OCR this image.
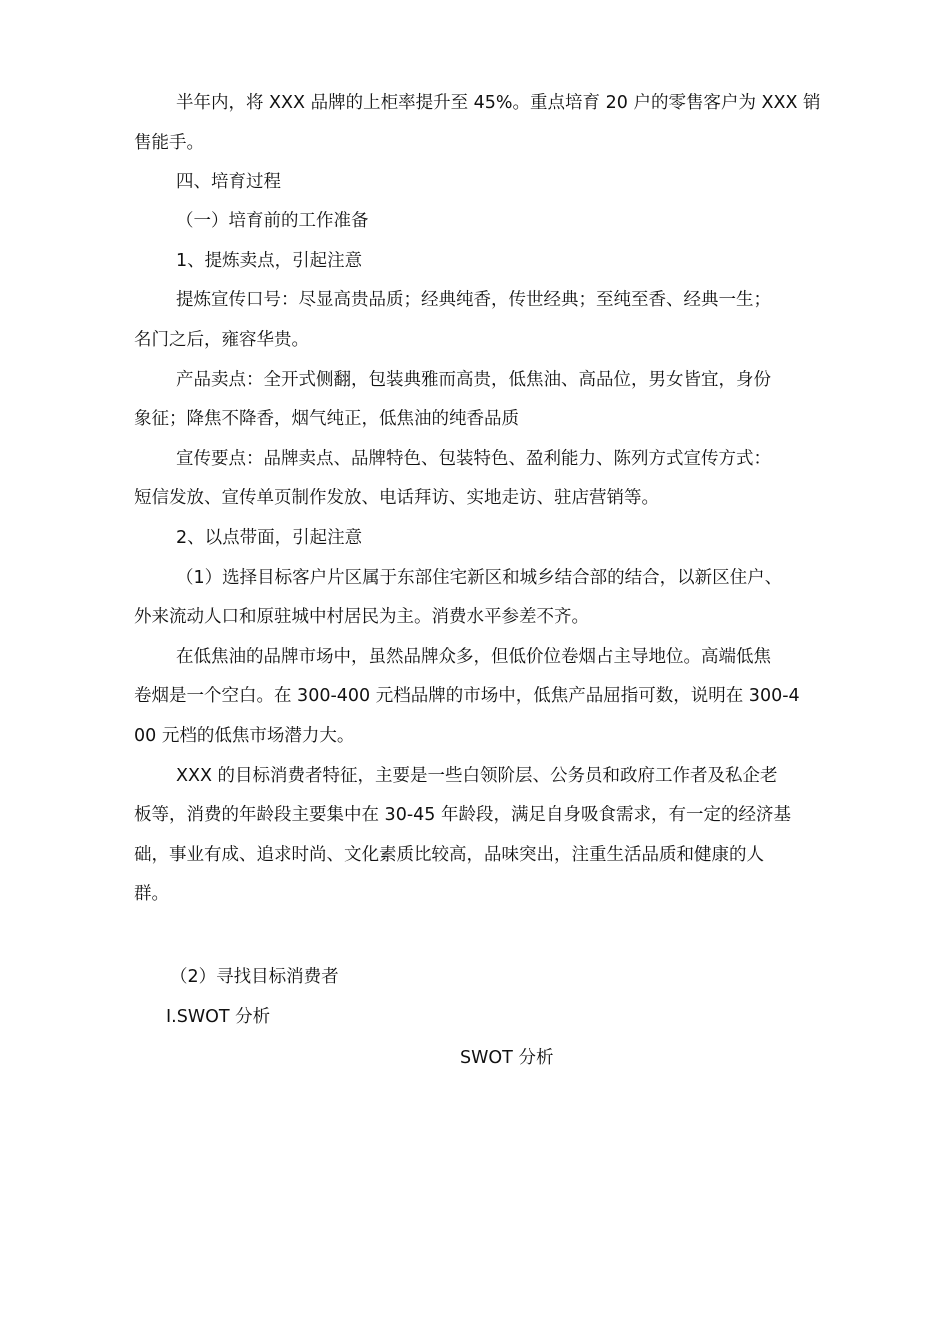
半年内，将 XXX 品牌的上柜率提升至 45%。重点培育 20 户的零售客户为 XXX 销
售能手。
四、培育过程
（一）培育前的工作准备
1、提炼卖点，引起注意
提炼宣传口号：尽显高贵品质；经典纯香，传世经典；至纯至香、经典一生；
名门之后，雍容华贵。
产品卖点：全开式侧翻，包装典雅而高贵，低焦油、高品位，男女皆宜，身份
象征；降焦不降香，烟气纯正，低焦油的纯香品质
宣传要点：品牌卖点、品牌特色、包装特色、盈利能力、陈列方式宣传方式：
短信发放、宣传单页制作发放、电话拜访、实地走访、驻店营销等。
2、以点带面，引起注意
（1）选择目标客户片区属于东部住宅新区和城乡结合部的结合，以新区住户、
外来流动人口和原驻城中村居民为主。消费水平参差不齐。
在低焦油的品牌市场中，虽然品牌众多，但低价位卷烟占主导地位。高端低焦
卷烟是一个空白。在 300-400 元档品牌的市场中，低焦产品屈指可数，说明在 300-4
00 元档的低焦市场潜力大。
XXX 的目标消费者特征，主要是一些白领阶层、公务员和政府工作者及私企老
板等，消费的年龄段主要集中在 30-45 年龄段，满足自身吸食需求，有一定的经济基
础，事业有成、追求时尚、文化素质比较高，品味突出，注重生活品质和健康的人
群。
（2）寻找目标消费者
I.SWOT 分析
SWOT 分析
